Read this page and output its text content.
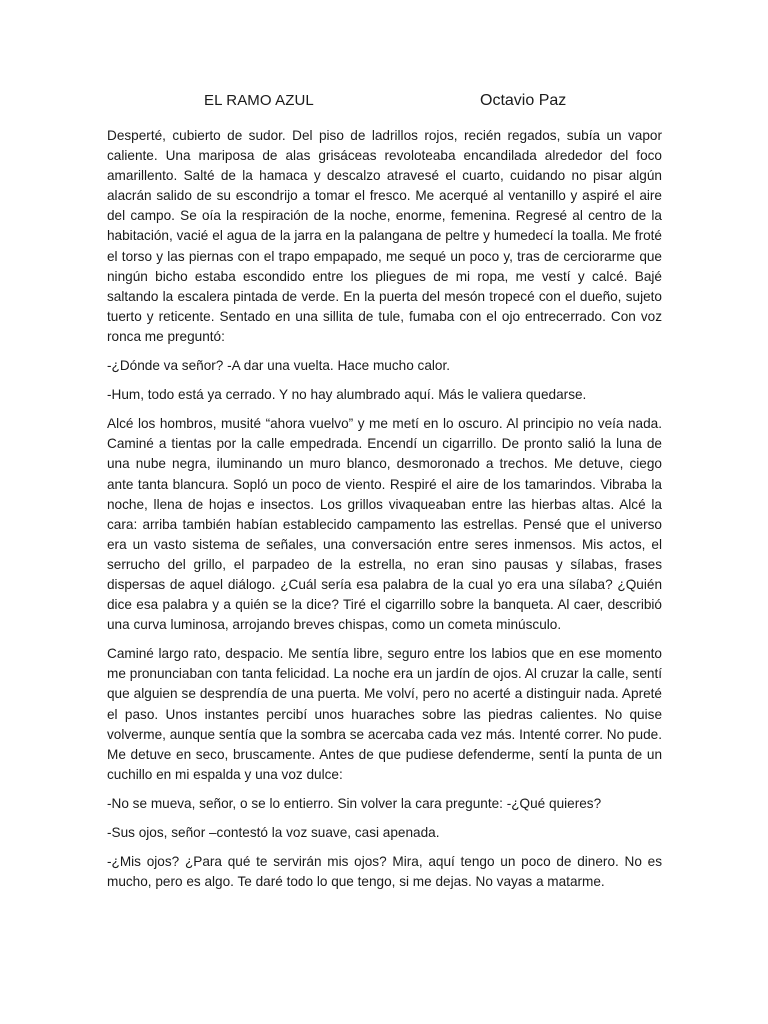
EL RAMO AZUL	Octavio Paz

Desperté, cubierto de sudor. Del piso de ladrillos rojos, recién regados, subía un vapor caliente. Una mariposa de alas grisáceas revoloteaba encandilada alrededor del foco amarillento. Salté de la hamaca y descalzo atravesé el cuarto, cuidando no pisar algún alacrán salido de su escondrijo a tomar el fresco. Me acerqué al ventanillo y aspiré el aire del campo. Se oía la respiración de la noche, enorme, femenina. Regresé al centro de la habitación, vacié el agua de la jarra en la palangana de peltre y humedecí la toalla. Me froté el torso y las piernas con el trapo empapado, me sequé un poco y, tras de cerciorarme que ningún bicho estaba escondido entre los pliegues de mi ropa, me vestí y calcé. Bajé saltando la escalera pintada de verde. En la puerta del mesón tropecé con el dueño, sujeto tuerto y reticente. Sentado en una sillita de tule, fumaba con el ojo entrecerrado. Con voz ronca me preguntó:

-¿Dónde va señor? -A dar una vuelta. Hace mucho calor.

-Hum, todo está ya cerrado. Y no hay alumbrado aquí. Más le valiera quedarse.

Alcé los hombros, musité “ahora vuelvo” y me metí en lo oscuro. Al principio no veía nada. Caminé a tientas por la calle empedrada. Encendí un cigarrillo. De pronto salió la luna de una nube negra, iluminando un muro blanco, desmoronado a trechos. Me detuve, ciego ante tanta blancura. Sopló un poco de viento. Respiré el aire de los tamarindos. Vibraba la noche, llena de hojas e insectos. Los grillos vivaqueaban entre las hierbas altas. Alcé la cara: arriba también habían establecido campamento las estrellas. Pensé que el universo era un vasto sistema de señales, una conversación entre seres inmensos. Mis actos, el serrucho del grillo, el parpadeo de la estrella, no eran sino pausas y sílabas, frases dispersas de aquel diálogo. ¿Cuál sería esa palabra de la cual yo era una sílaba? ¿Quién dice esa palabra y a quién se la dice? Tiré el cigarrillo sobre la banqueta. Al caer, describió una curva luminosa, arrojando breves chispas, como un cometa minúsculo.

Caminé largo rato, despacio. Me sentía libre, seguro entre los labios que en ese momento me pronunciaban con tanta felicidad. La noche era un jardín de ojos. Al cruzar la calle, sentí que alguien se desprendía de una puerta. Me volví, pero no acerté a distinguir nada. Apreté el paso. Unos instantes percibí unos huaraches sobre las piedras calientes. No quise volverme, aunque sentía que la sombra se acercaba cada vez más. Intenté correr. No pude. Me detuve en seco, bruscamente. Antes de que pudiese defenderme, sentí la punta de un cuchillo en mi espalda y una voz dulce:

-No se mueva, señor, o se lo entierro. Sin volver la cara pregunte: -¿Qué quieres?

-Sus ojos, señor –contestó la voz suave, casi apenada.

-¿Mis ojos? ¿Para qué te servirán mis ojos? Mira, aquí tengo un poco de dinero. No es mucho, pero es algo. Te daré todo lo que tengo, si me dejas. No vayas a matarme.
